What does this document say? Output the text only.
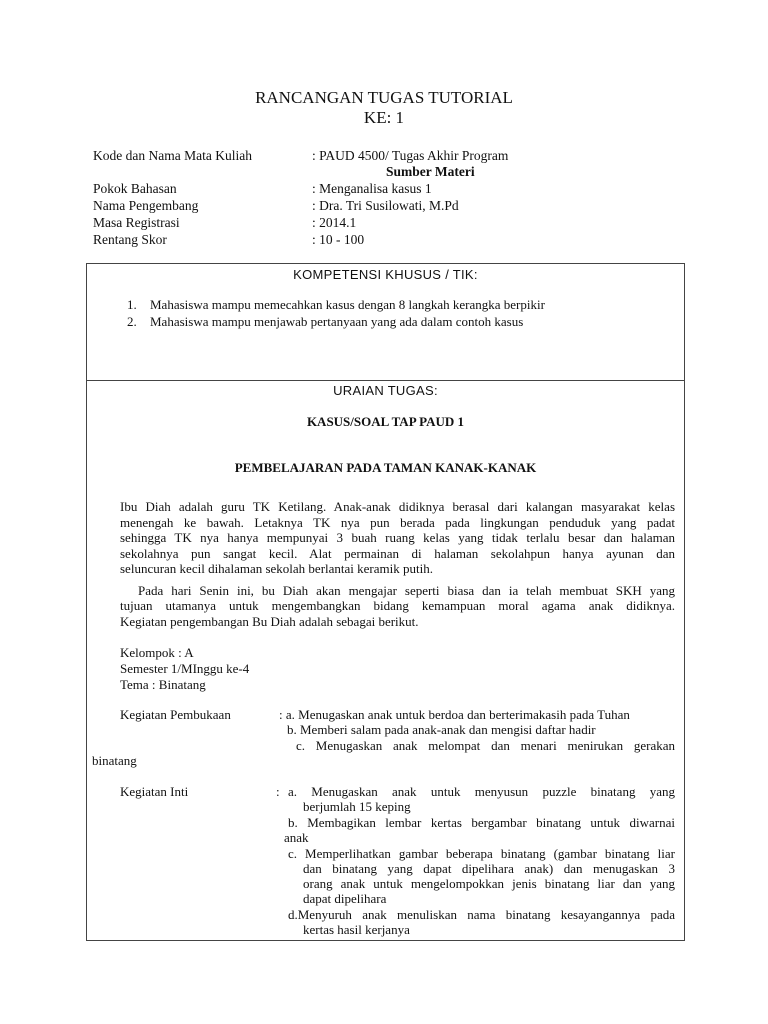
RANCANGAN TUGAS TUTORIAL
KE: 1
Kode dan Nama Mata Kuliah	: PAUD 4500/ Tugas Akhir Program
Sumber Materi
Pokok Bahasan	: Menganalisa kasus 1
Nama Pengembang	: Dra. Tri Susilowati, M.Pd
Masa Registrasi	: 2014.1
Rentang Skor	: 10 - 100
KOMPETENSI KHUSUS / TIK:
1. Mahasiswa mampu memecahkan kasus dengan 8 langkah kerangka berpikir
2. Mahasiswa mampu menjawab pertanyaan yang ada dalam contoh kasus
URAIAN TUGAS:
KASUS/SOAL TAP PAUD 1
PEMBELAJARAN PADA TAMAN KANAK-KANAK
Ibu Diah adalah guru TK Ketilang. Anak-anak didiknya berasal dari kalangan masyarakat kelas
menengah ke bawah. Letaknya TK nya pun berada pada lingkungan penduduk yang padat
sehingga TK nya hanya mempunyai 3 buah ruang kelas yang tidak terlalu besar dan halaman
sekolahnya pun sangat kecil. Alat permainan di halaman sekolahpun hanya ayunan dan
seluncuran kecil dihalaman sekolah berlantai keramik putih.
Pada hari Senin ini, bu Diah akan mengajar seperti biasa dan ia telah membuat SKH yang
tujuan utamanya untuk mengembangkan bidang kemampuan moral agama anak didiknya.
Kegiatan pengembangan Bu Diah adalah sebagai berikut.
Kelompok : A
Semester 1/MInggu ke-4
Tema : Binatang
Kegiatan Pembukaan	: a. Menugaskan anak untuk berdoa dan berterimakasih pada Tuhan
b. Memberi salam pada anak-anak dan mengisi daftar hadir
c. Menugaskan anak melompat dan menari menirukan gerakan
binatang
Kegiatan Inti	: a. Menugaskan anak untuk menyusun puzzle binatang yang
berjumlah 15 keping
b. Membagikan lembar kertas bergambar binatang untuk diwarnai
anak
c. Memperlihatkan gambar beberapa binatang (gambar binatang liar
dan binatang yang dapat dipelihara anak) dan menugaskan 3
orang anak untuk mengelompokkan jenis binatang liar dan yang
dapat dipelihara
d.Menyuruh anak menuliskan nama binatang kesayangannya pada
kertas hasil kerjanya
